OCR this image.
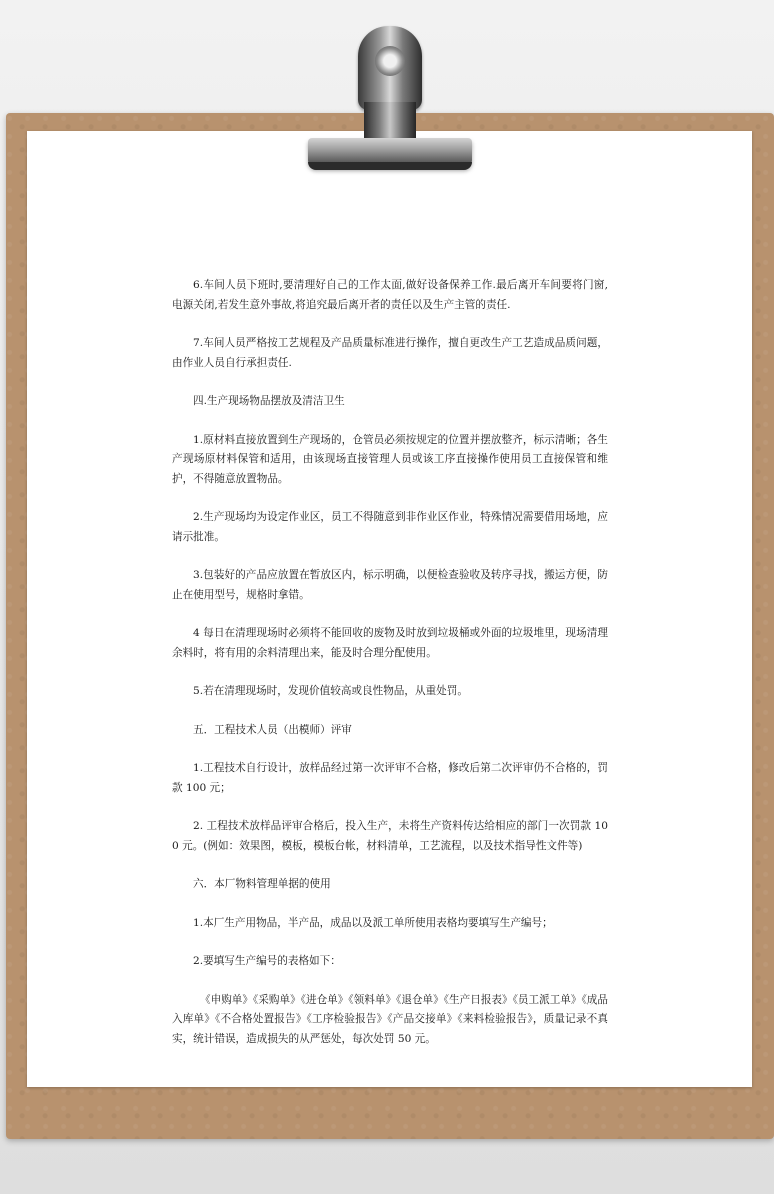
6.车间人员下班时,要清理好自己的工作太面,做好设备保养工作.最后离开车间要将门窗,电源关闭,若发生意外事故,将追究最后离开者的责任以及生产主管的责任.

7.车间人员严格按工艺规程及产品质量标准进行操作，擅自更改生产工艺造成品质问题，由作业人员自行承担责任.

四.生产现场物品摆放及清洁卫生

1.原材料直接放置到生产现场的，仓管员必须按规定的位置并摆放整齐，标示清晰；各生产现场原材料保管和适用，由该现场直接管理人员或该工序直接操作使用员工直接保管和维护，不得随意放置物品。

2.生产现场均为设定作业区，员工不得随意到非作业区作业，特殊情况需要借用场地，应请示批准。

3.包装好的产品应放置在暂放区内，标示明确，以便检查验收及转序寻找，搬运方便，防止在使用型号，规格时拿错。

4 每日在清理现场时必须将不能回收的废物及时放到垃圾桶或外面的垃圾堆里，现场清理余料时，将有用的余料清理出来，能及时合理分配使用。

5.若在清理现场时，发现价值较高或良性物品，从重处罚。

五．工程技术人员（出模师）评审

1.工程技术自行设计，放样品经过第一次评审不合格，修改后第二次评审仍不合格的，罚款 100 元；

2. 工程技术放样品评审合格后，投入生产，未将生产资料传达给相应的部门一次罚款 100 元。(例如：效果图，模板，模板台帐，材料清单，工艺流程，以及技术指导性文件等)

六．本厂物料管理单据的使用

1.本厂生产用物品，半产品，成品以及派工单所使用表格均要填写生产编号；

2.要填写生产编号的表格如下：

《申购单》《采购单》《进仓单》《领料单》《退仓单》《生产日报表》《员工派工单》《成品入库单》《不合格处置报告》《工序检验报告》《产品交接单》《来料检验报告》，质量记录不真实，统计错误，造成损失的从严惩处，每次处罚 50 元。
